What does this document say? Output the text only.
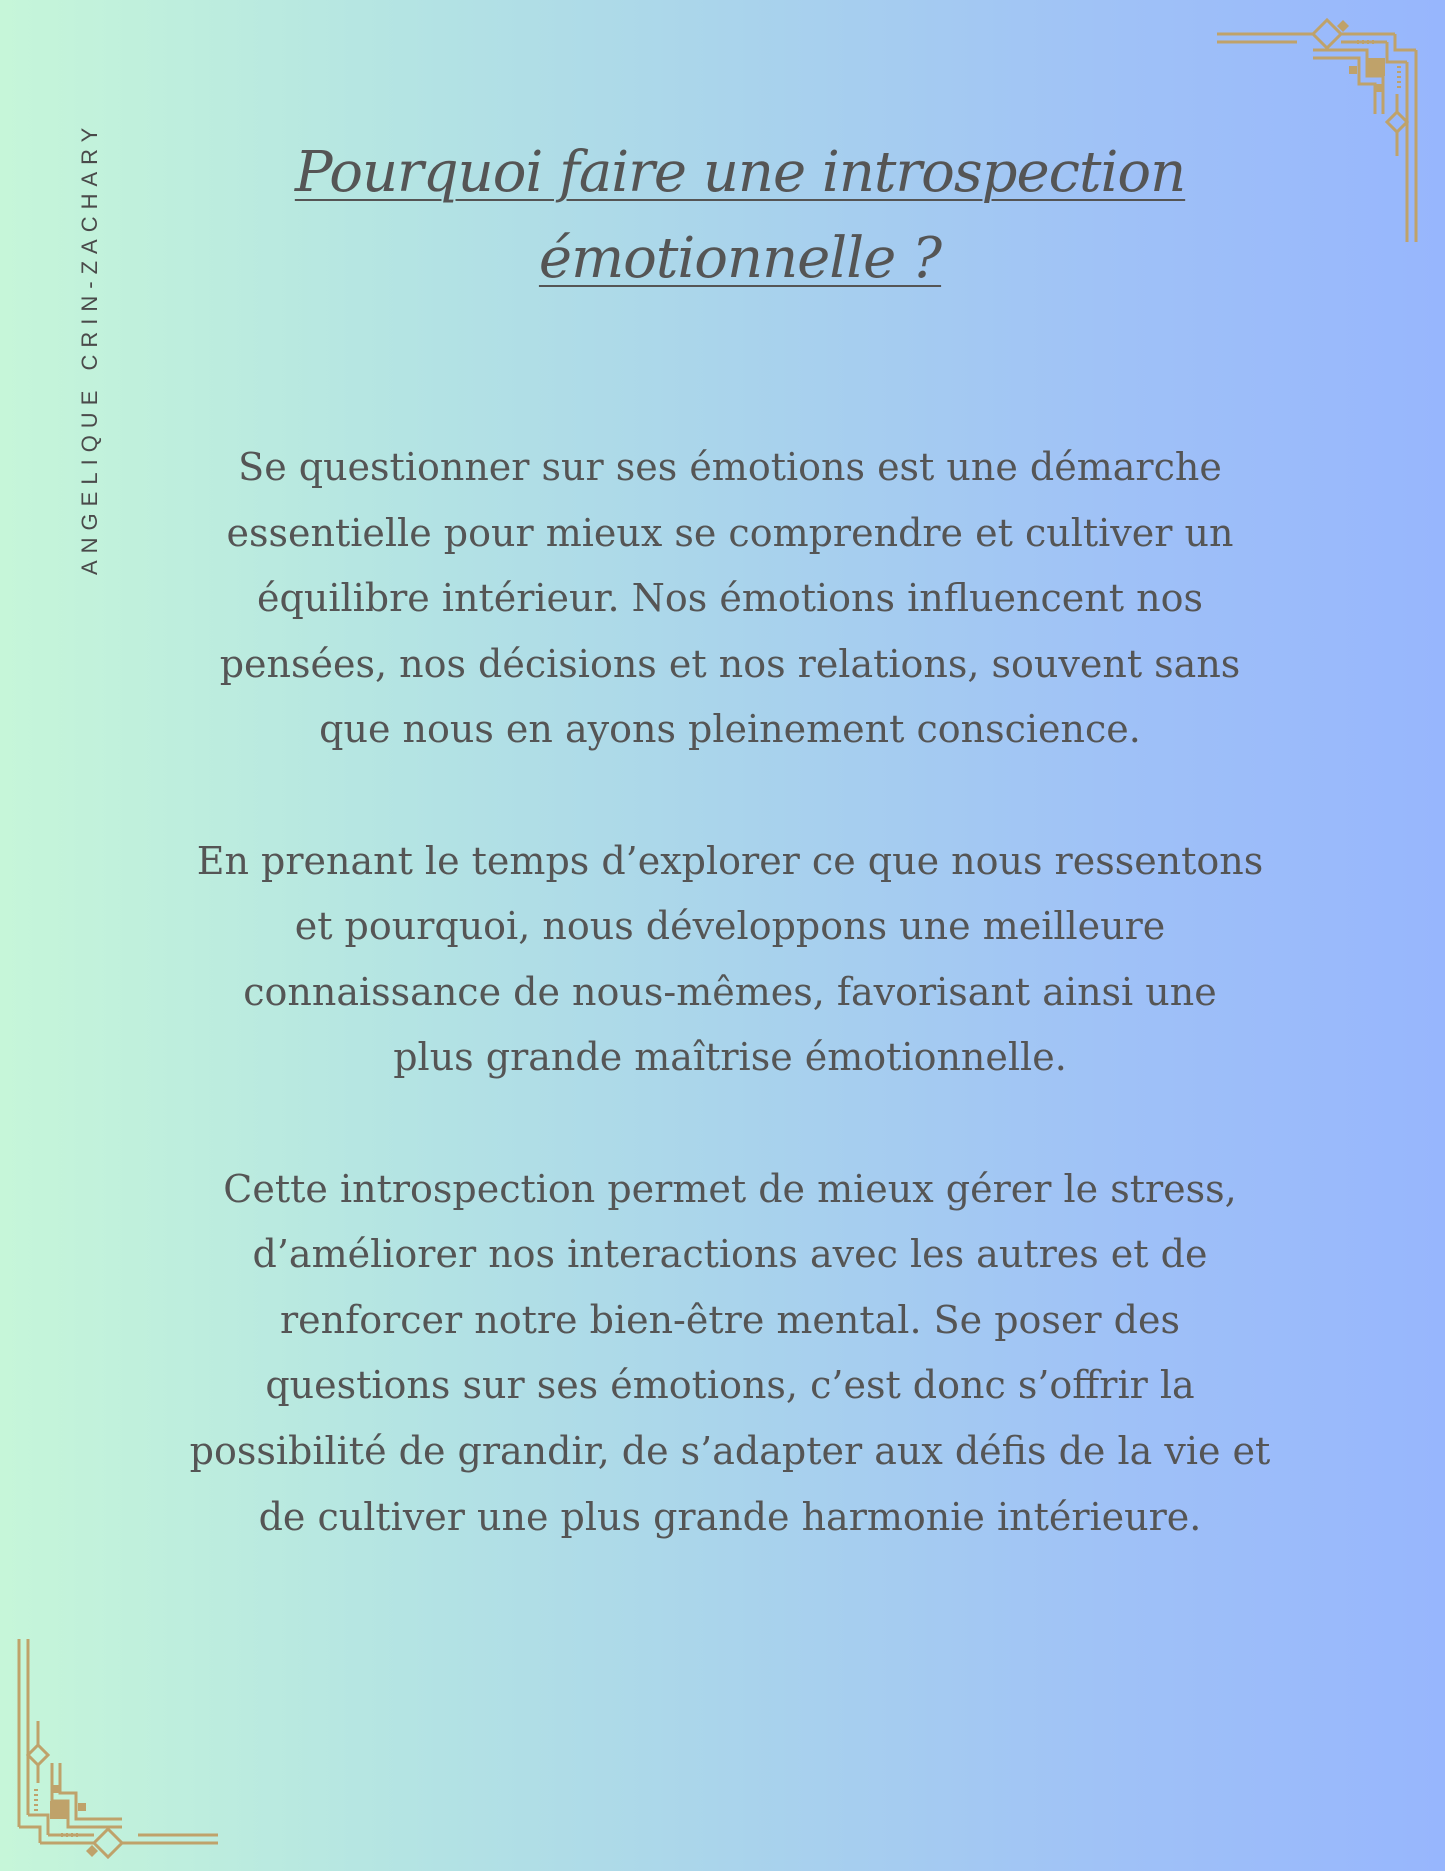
ANGELIQUE CRIN-ZACHARY	Pourquoi faire une introspection
émotionnelle ?

Se questionner sur ses émotions est une démarche
essentielle pour mieux se comprendre et cultiver un
équilibre intérieur. Nos émotions influencent nos
pensées, nos décisions et nos relations, souvent sans
que nous en ayons pleinement conscience.

En prenant le temps d’explorer ce que nous ressentons
et pourquoi, nous développons une meilleure
connaissance de nous-mêmes, favorisant ainsi une
plus grande maîtrise émotionnelle.

Cette introspection permet de mieux gérer le stress,
d’améliorer nos interactions avec les autres et de
renforcer notre bien-être mental. Se poser des
questions sur ses émotions, c’est donc s’offrir la
possibilité de grandir, de s’adapter aux défis de la vie et
de cultiver une plus grande harmonie intérieure.
